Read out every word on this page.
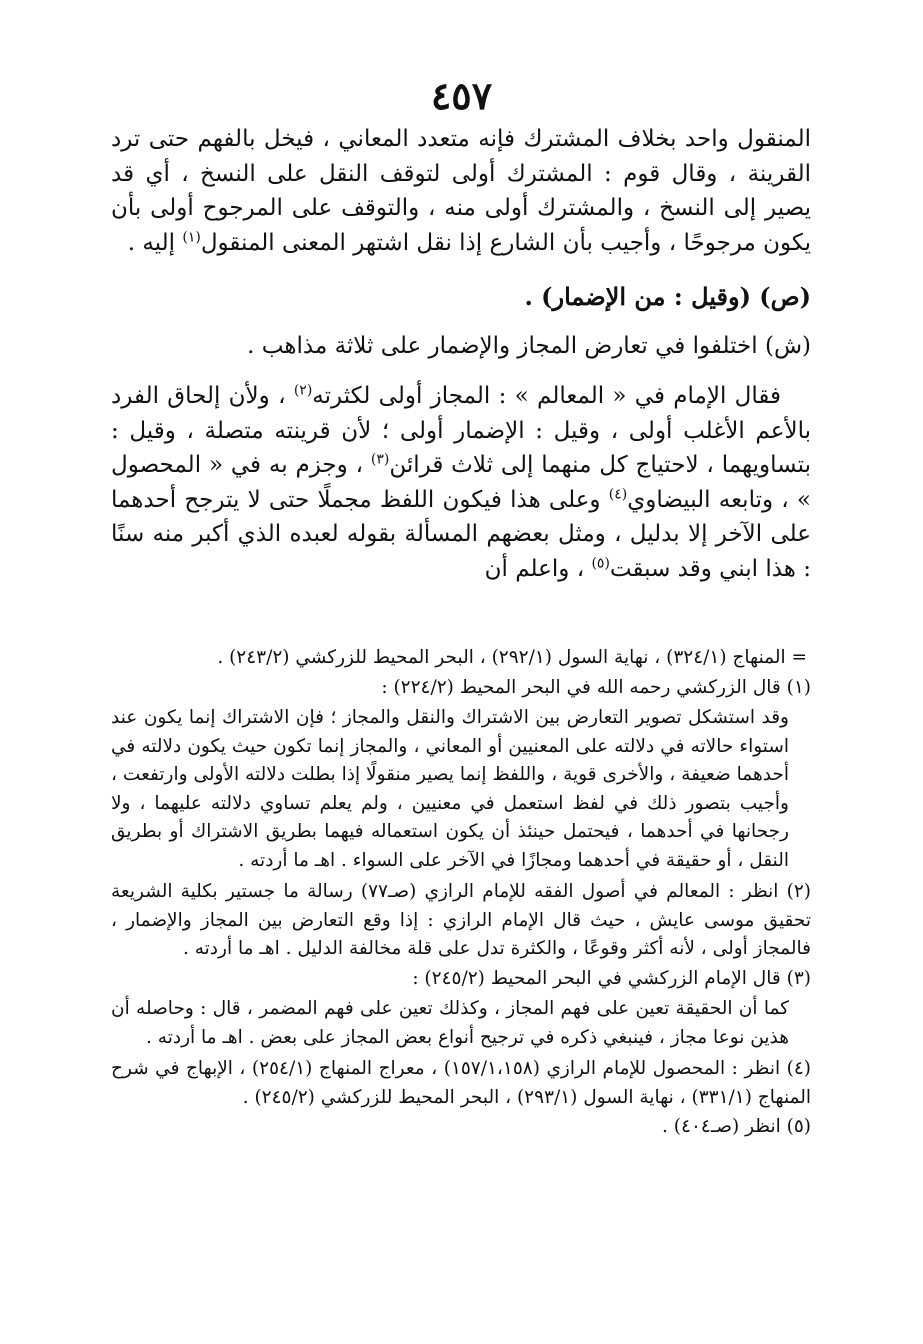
٤٥٧

المنقول واحد بخلاف المشترك فإنه متعدد المعاني ، فيخل بالفهم حتى ترد القرينة ، وقال قوم : المشترك أولى لتوقف النقل على النسخ ، أي قد يصير إلى النسخ ، والمشترك أولى منه ، والتوقف على المرجوح أولى بأن يكون مرجوحًا ، وأجيب بأن الشارع إذا نقل اشتهر المعنى المنقول$^{(١)}$ إليه .

(ص) (وقيل : من الإضمار) .

(ش) اختلفوا في تعارض المجاز والإضمار على ثلاثة مذاهب .

فقال الإمام في « المعالم » : المجاز أولى لكثرته$^{(٢)}$ ، ولأن إلحاق الفرد بالأعم الأغلب أولى ، وقيل : الإضمار أولى ؛ لأن قرينته متصلة ، وقيل : بتساويهما ، لاحتياج كل منهما إلى ثلاث قرائن$^{(٣)}$ ، وجزم به في « المحصول » ، وتابعه البيضاوي$^{(٤)}$ وعلى هذا فيكون اللفظ مجملًا حتى لا يترجح أحدهما على الآخر إلا بدليل ، ومثل بعضهم المسألة بقوله لعبده الذي أكبر منه سنًا : هذا ابني وقد سبقت$^{(٥)}$ ، واعلم أن

= المنهاج (٣٢٤/١) ، نهاية السول (٢٩٢/١) ، البحر المحيط للزركشي (٢٤٣/٢) .

(١) قال الزركشي رحمه الله في البحر المحيط (٢٢٤/٢) :

وقد استشكل تصوير التعارض بين الاشتراك والنقل والمجاز ؛ فإن الاشتراك إنما يكون عند استواء حالاته في دلالته على المعنيين أو المعاني ، والمجاز إنما تكون حيث يكون دلالته في أحدهما ضعيفة ، والأخرى قوية ، واللفظ إنما يصير منقولًا إذا بطلت دلالته الأولى وارتفعت ، وأجيب بتصور ذلك في لفظ استعمل في معنيين ، ولم يعلم تساوي دلالته عليهما ، ولا رجحانها في أحدهما ، فيحتمل حينئذ أن يكون استعماله فيهما بطريق الاشتراك أو بطريق النقل ، أو حقيقة في أحدهما ومجازًا في الآخر على السواء . اهـ ما أردته .

(٢) انظر : المعالم في أصول الفقه للإمام الرازي (صـ٧٧) رسالة ما جستير بكلية الشريعة تحقيق موسى عايش ، حيث قال الإمام الرازي : إذا وقع التعارض بين المجاز والإضمار ، فالمجاز أولى ، لأنه أكثر وقوعًا ، والكثرة تدل على قلة مخالفة الدليل . اهـ ما أردته .

(٣) قال الإمام الزركشي في البحر المحيط (٢٤٥/٢) :

كما أن الحقيقة تعين على فهم المجاز ، وكذلك تعين على فهم المضمر ، قال : وحاصله أن هذين نوعا مجاز ، فينبغي ذكره في ترجيح أنواع بعض المجاز على بعض . اهـ ما أردته .

(٤) انظر : المحصول للإمام الرازي (١٥٧/١،١٥٨) ، معراج المنهاج (٢٥٤/١) ، الإبهاج في شرح المنهاج (٣٣١/١) ، نهاية السول (٢٩٣/١) ، البحر المحيط للزركشي (٢٤٥/٢) .

(٥) انظر (صـ٤٠٤) .
